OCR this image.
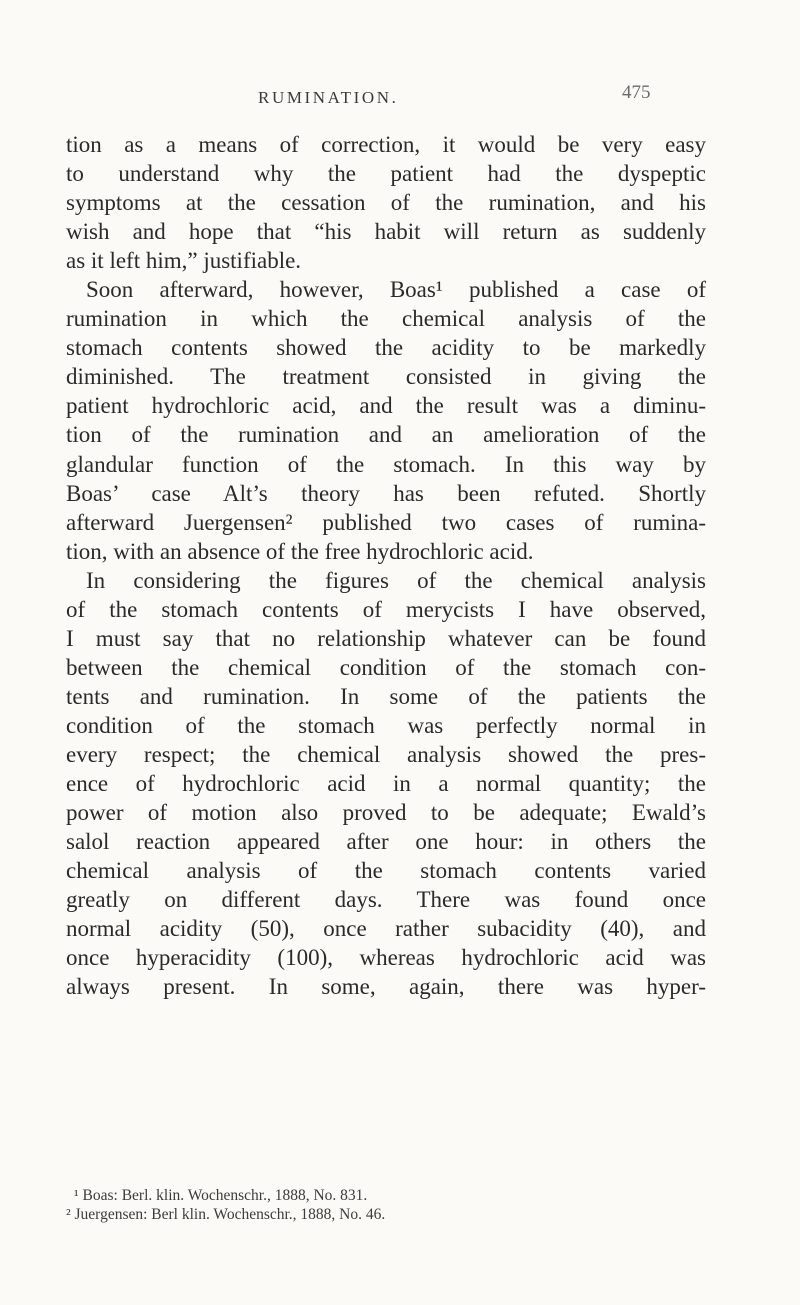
RUMINATION.	475
tion as a means of correction, it would be very easy
to understand why the patient had the dyspeptic
symptoms at the cessation of the rumination, and his
wish and hope that “his habit will return as suddenly
as it left him,” justifiable.
Soon afterward, however, Boas¹ published a case of
rumination in which the chemical analysis of the
stomach contents showed the acidity to be markedly
diminished. The treatment consisted in giving the
patient hydrochloric acid, and the result was a diminu-
tion of the rumination and an amelioration of the
glandular function of the stomach. In this way by
Boas’ case Alt’s theory has been refuted. Shortly
afterward Juergensen² published two cases of rumina-
tion, with an absence of the free hydrochloric acid.
In considering the figures of the chemical analysis
of the stomach contents of merycists I have observed,
I must say that no relationship whatever can be found
between the chemical condition of the stomach con-
tents and rumination. In some of the patients the
condition of the stomach was perfectly normal in
every respect; the chemical analysis showed the pres-
ence of hydrochloric acid in a normal quantity; the
power of motion also proved to be adequate; Ewald’s
salol reaction appeared after one hour: in others the
chemical analysis of the stomach contents varied
greatly on different days. There was found once
normal acidity (50), once rather subacidity (40), and
once hyperacidity (100), whereas hydrochloric acid was
always present. In some, again, there was hyper-
¹ Boas: Berl. klin. Wochenschr., 1888, No. 831.
² Juergensen: Berl klin. Wochenschr., 1888, No. 46.
